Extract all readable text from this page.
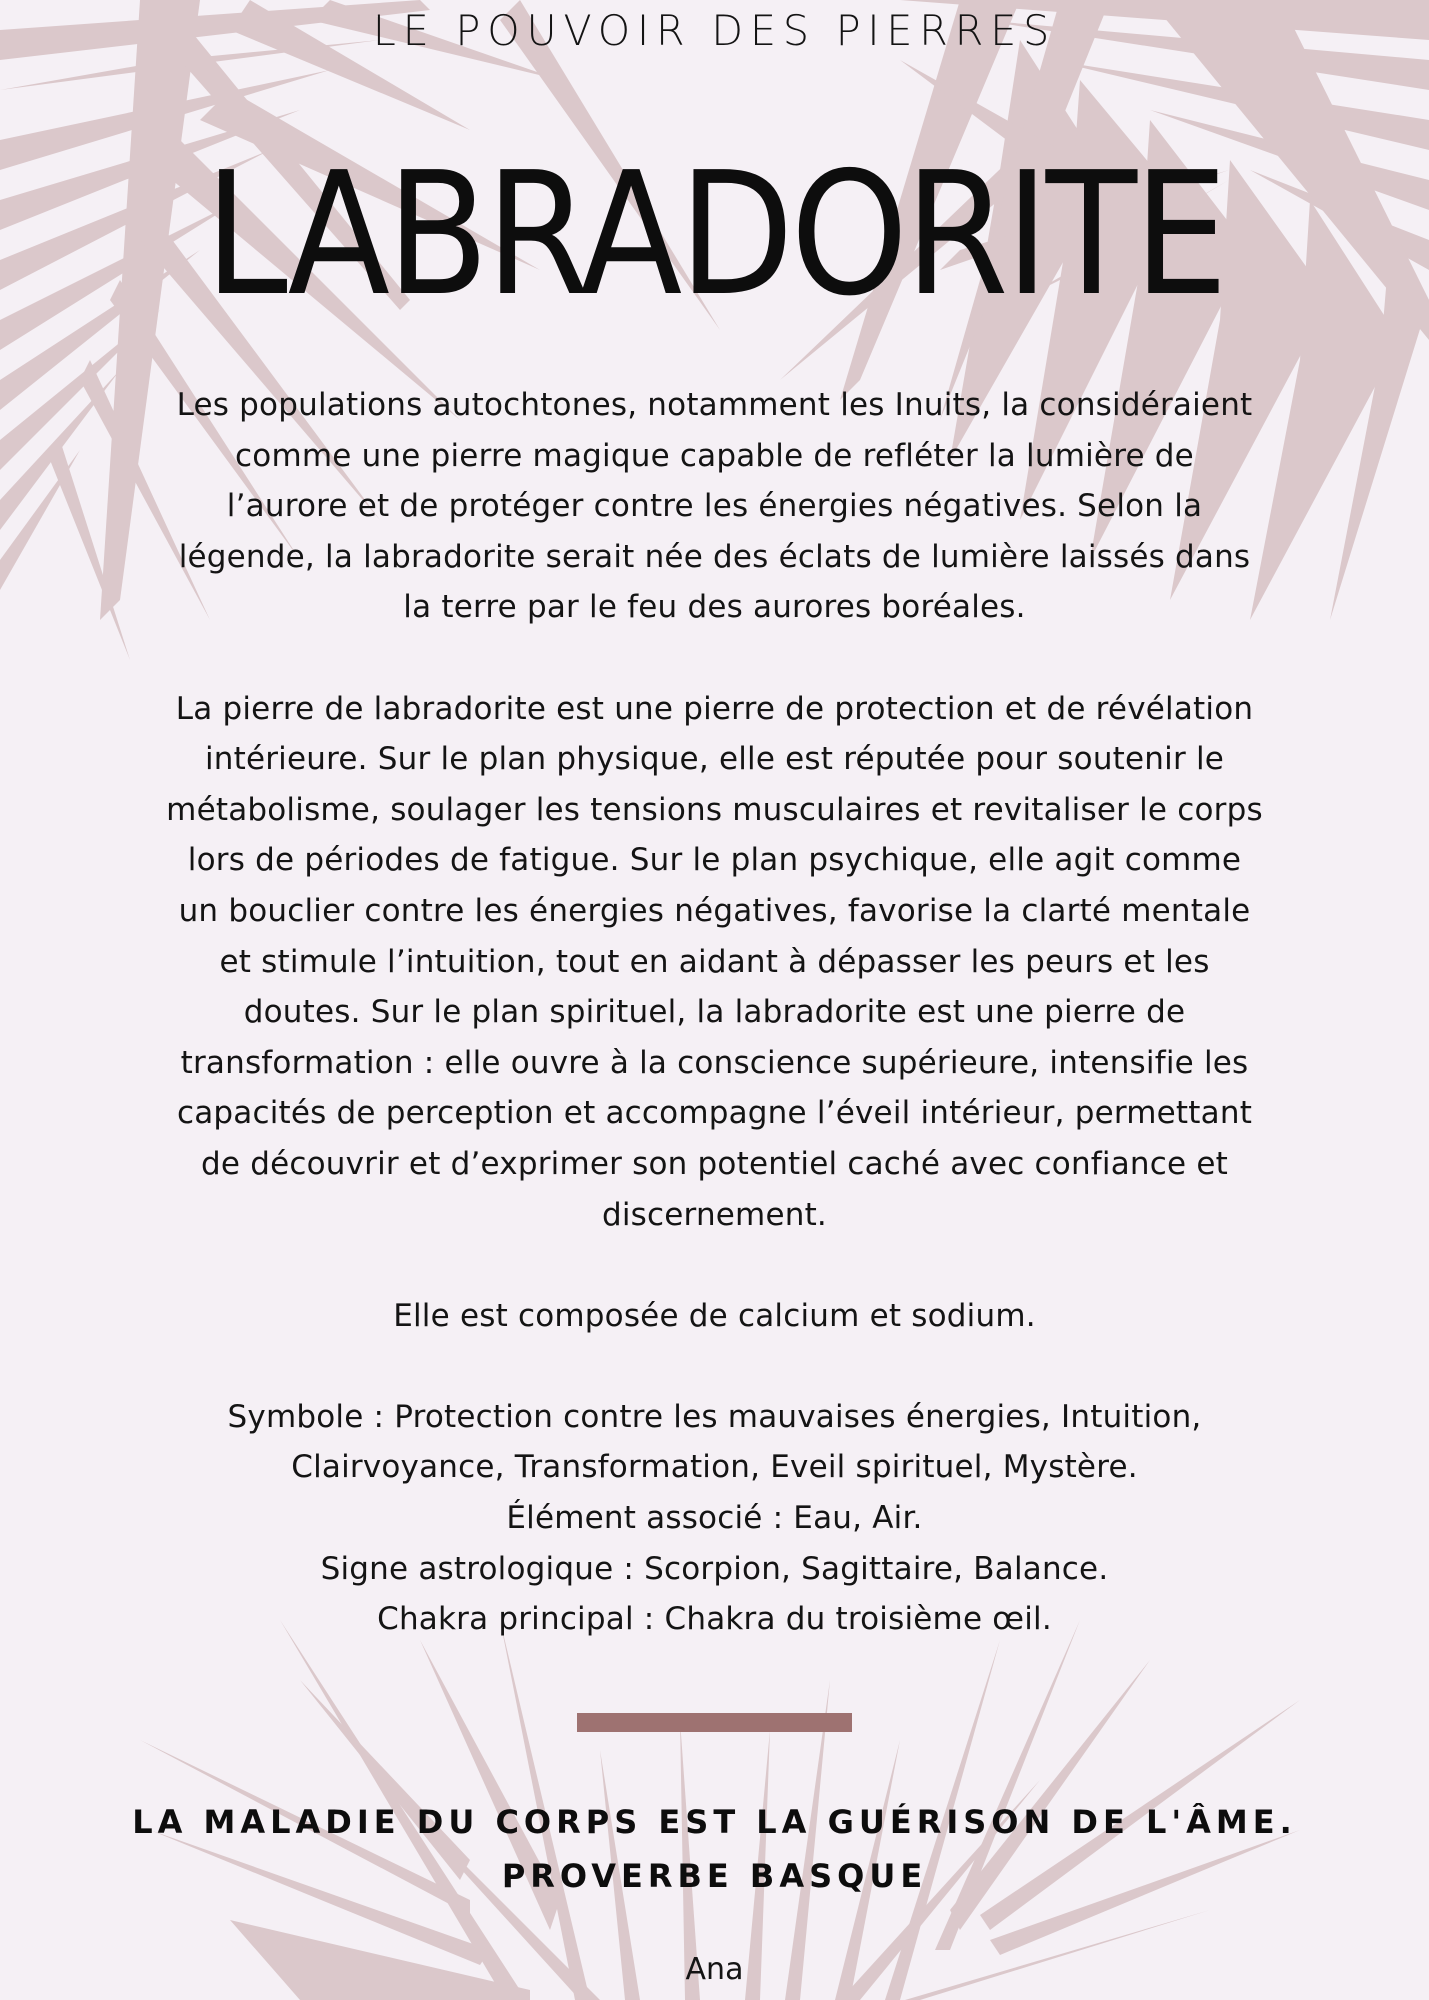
LE POUVOIR DES PIERRES
LABRADORITE

Les populations autochtones, notamment les Inuits, la considéraient
comme une pierre magique capable de refléter la lumière de
l’aurore et de protéger contre les énergies négatives. Selon la
légende, la labradorite serait née des éclats de lumière laissés dans
la terre par le feu des aurores boréales.

La pierre de labradorite est une pierre de protection et de révélation
intérieure. Sur le plan physique, elle est réputée pour soutenir le
métabolisme, soulager les tensions musculaires et revitaliser le corps
lors de périodes de fatigue. Sur le plan psychique, elle agit comme
un bouclier contre les énergies négatives, favorise la clarté mentale
et stimule l’intuition, tout en aidant à dépasser les peurs et les
doutes. Sur le plan spirituel, la labradorite est une pierre de
transformation : elle ouvre à la conscience supérieure, intensifie les
capacités de perception et accompagne l’éveil intérieur, permettant
de découvrir et d’exprimer son potentiel caché avec confiance et
discernement.

Elle est composée de calcium et sodium.

Symbole : Protection contre les mauvaises énergies, Intuition,
Clairvoyance, Transformation, Eveil spirituel, Mystère.
Élément associé : Eau, Air.
Signe astrologique : Scorpion, Sagittaire, Balance.
Chakra principal : Chakra du troisième œil.

LA MALADIE DU CORPS EST LA GUÉRISON DE L'ÂME.
PROVERBE BASQUE
Ana
